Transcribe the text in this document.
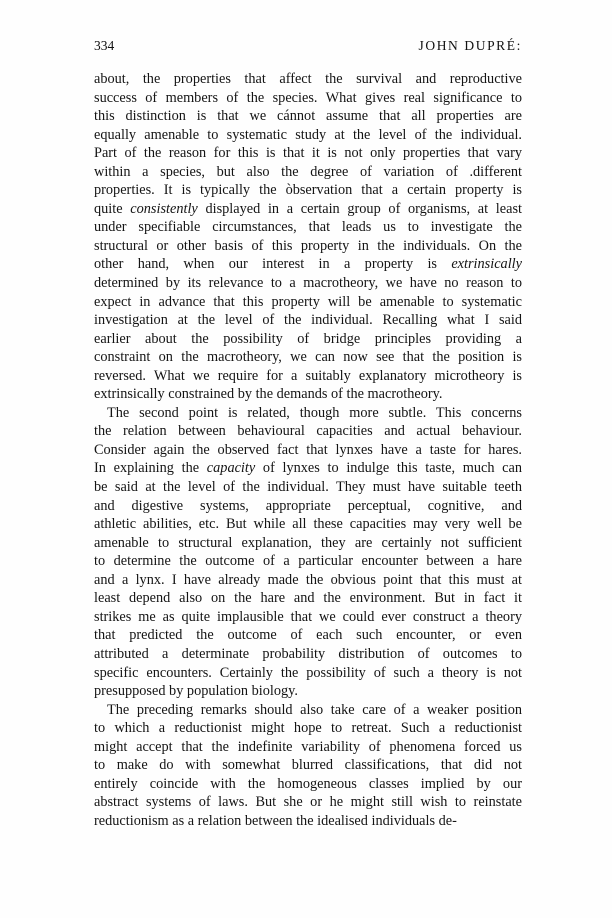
334	JOHN DUPRÉ:

about, the properties that affect the survival and reproductive

success of members of the species. What gives real significance to

this distinction is that we cánnot assume that all properties are

equally amenable to systematic study at the level of the individual.

Part of the reason for this is that it is not only properties that vary

within a species, but also the degree of variation of .different

properties. It is typically the òbservation that a certain property is

quite consistently displayed in a certain group of organisms, at least

under specifiable circumstances, that leads us to investigate the

structural or other basis of this property in the individuals. On the

other hand, when our interest in a property is extrinsically

determined by its relevance to a macrotheory, we have no reason to

expect in advance that this property will be amenable to systematic

investigation at the level of the individual. Recalling what I said

earlier about the possibility of bridge principles providing a

constraint on the macrotheory, we can now see that the position is

reversed. What we require for a suitably explanatory microtheory is

extrinsically constrained by the demands of the macrotheory.

The second point is related, though more subtle. This concerns

the relation between behavioural capacities and actual behaviour.

Consider again the observed fact that lynxes have a taste for hares.

In explaining the capacity of lynxes to indulge this taste, much can

be said at the level of the individual. They must have suitable teeth

and digestive systems, appropriate perceptual, cognitive, and

athletic abilities, etc. But while all these capacities may very well be

amenable to structural explanation, they are certainly not sufficient

to determine the outcome of a particular encounter between a hare

and a lynx. I have already made the obvious point that this must at

least depend also on the hare and the environment. But in fact it

strikes me as quite implausible that we could ever construct a theory

that predicted the outcome of each such encounter, or even

attributed a determinate probability distribution of outcomes to

specific encounters. Certainly the possibility of such a theory is not

presupposed by population biology.

The preceding remarks should also take care of a weaker position

to which a reductionist might hope to retreat. Such a reductionist

might accept that the indefinite variability of phenomena forced us

to make do with somewhat blurred classifications, that did not

entirely coincide with the homogeneous classes implied by our

abstract systems of laws. But she or he might still wish to reinstate

reductionism as a relation between the idealised individuals de-
